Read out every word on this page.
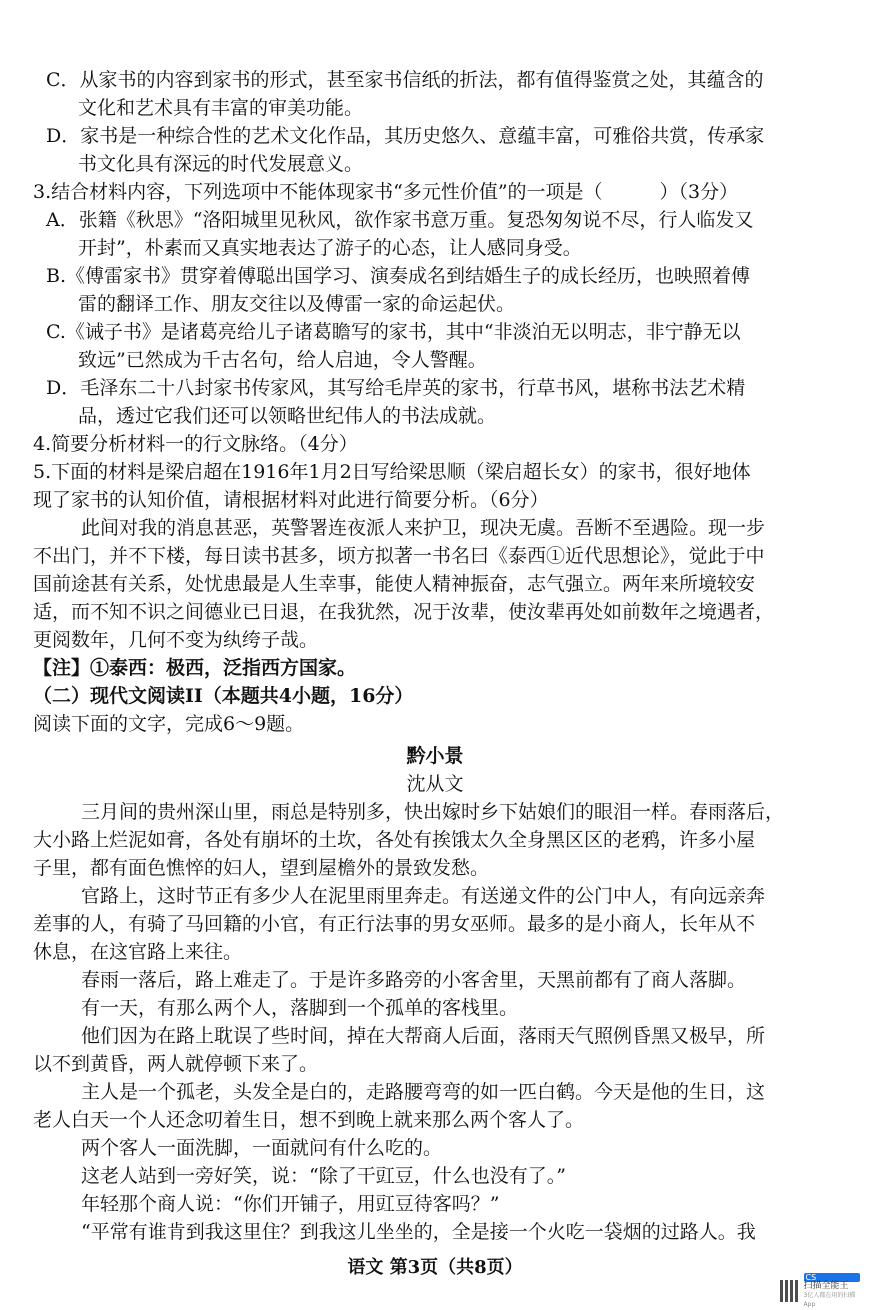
C．从家书的内容到家书的形式，甚至家书信纸的折法，都有值得鉴赏之处，其蕴含的
文化和艺术具有丰富的审美功能。
D．家书是一种综合性的艺术文化作品，其历史悠久、意蕴丰富，可雅俗共赏，传承家
书文化具有深远的时代发展意义。
3.结合材料内容，下列选项中不能体现家书“多元性价值”的一项是（　　　）（3分）
A．张籍《秋思》“洛阳城里见秋风，欲作家书意万重。复恐匆匆说不尽，行人临发又
开封”，朴素而又真实地表达了游子的心态，让人感同身受。
B.《傅雷家书》贯穿着傅聪出国学习、演奏成名到结婚生子的成长经历，也映照着傅
雷的翻译工作、朋友交往以及傅雷一家的命运起伏。
C.《诫子书》是诸葛亮给儿子诸葛瞻写的家书，其中“非淡泊无以明志，非宁静无以
致远”已然成为千古名句，给人启迪，令人警醒。
D．毛泽东二十八封家书传家风，其写给毛岸英的家书，行草书风，堪称书法艺术精
品，透过它我们还可以领略世纪伟人的书法成就。
4.简要分析材料一的行文脉络。（4分）
5.下面的材料是梁启超在1916年1月2日写给梁思顺（梁启超长女）的家书，很好地体
现了家书的认知价值，请根据材料对此进行简要分析。（6分）
此间对我的消息甚恶，英警署连夜派人来护卫，现决无虞。吾断不至遇险。现一步
不出门，并不下楼，每日读书甚多，顷方拟著一书名曰《泰西①近代思想论》，觉此于中
国前途甚有关系，处忧患最是人生幸事，能使人精神振奋，志气强立。两年来所境较安
适，而不知不识之间德业已日退，在我犹然，况于汝辈，使汝辈再处如前数年之境遇者，
更阅数年，几何不变为纨绔子哉。
【注】①泰西：极西，泛指西方国家。
（二）现代文阅读II（本题共4小题，16分）
阅读下面的文字，完成6～9题。
黔小景
沈从文
三月间的贵州深山里，雨总是特别多，快出嫁时乡下姑娘们的眼泪一样。春雨落后，
大小路上烂泥如膏，各处有崩坏的土坎，各处有挨饿太久全身黑区区的老鸦，许多小屋
子里，都有面色憔悴的妇人，望到屋檐外的景致发愁。
官路上，这时节正有多少人在泥里雨里奔走。有送递文件的公门中人，有向远亲奔
差事的人，有骑了马回籍的小官，有正行法事的男女巫师。最多的是小商人，长年从不
休息，在这官路上来往。
春雨一落后，路上难走了。于是许多路旁的小客舍里，天黑前都有了商人落脚。
有一天，有那么两个人，落脚到一个孤单的客栈里。
他们因为在路上耽误了些时间，掉在大帮商人后面，落雨天气照例昏黑又极早，所
以不到黄昏，两人就停顿下来了。
主人是一个孤老，头发全是白的，走路腰弯弯的如一匹白鹤。今天是他的生日，这
老人白天一个人还念叨着生日，想不到晚上就来那么两个客人了。
两个客人一面洗脚，一面就问有什么吃的。
这老人站到一旁好笑，说：“除了干豇豆，什么也没有了。”
年轻那个商人说：“你们开铺子，用豇豆待客吗？”
“平常有谁肯到我这里住？到我这儿坐坐的，全是接一个火吃一袋烟的过路人。我
语文 第3页（共8页）	CS
扫描全能王
3亿人都在用的扫描App
